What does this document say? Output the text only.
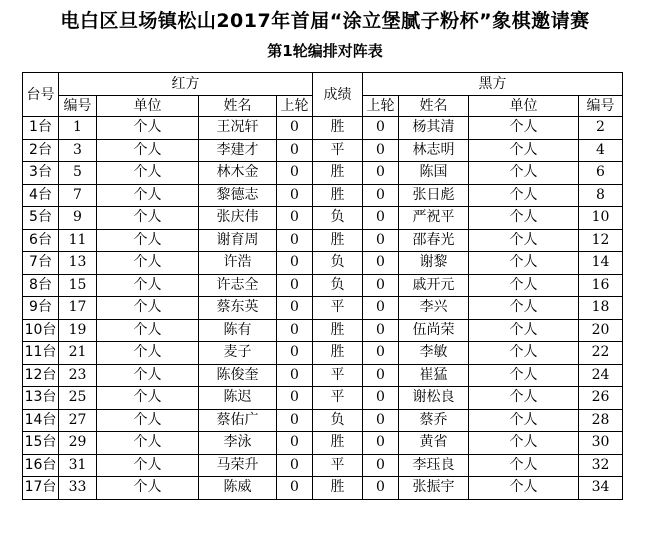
电白区旦场镇松山2017年首届“涂立堡腻子粉杯”象棋邀请赛
第1轮编排对阵表
台号	红方				成绩	黑方			
	编号	单位	姓名	上轮		上轮	姓名	单位	编号
1台	1	个人	王况轩	0	胜	0	杨其清	个人	2
2台	3	个人	李建才	0	平	0	林志明	个人	4
3台	5	个人	林木金	0	胜	0	陈国	个人	6
4台	7	个人	黎德志	0	胜	0	张日彪	个人	8
5台	9	个人	张庆伟	0	负	0	严祝平	个人	10
6台	11	个人	谢育周	0	胜	0	邵春光	个人	12
7台	13	个人	许浩	0	负	0	谢黎	个人	14
8台	15	个人	许志全	0	负	0	戚开元	个人	16
9台	17	个人	蔡东英	0	平	0	李兴	个人	18
10台	19	个人	陈有	0	胜	0	伍尚荣	个人	20
11台	21	个人	麦子	0	胜	0	李敏	个人	22
12台	23	个人	陈俊奎	0	平	0	崔猛	个人	24
13台	25	个人	陈迟	0	平	0	谢松良	个人	26
14台	27	个人	蔡佑广	0	负	0	蔡乔	个人	28
15台	29	个人	李泳	0	胜	0	黄省	个人	30
16台	31	个人	马荣升	0	平	0	李珏良	个人	32
17台	33	个人	陈威	0	胜	0	张振宇	个人	34
